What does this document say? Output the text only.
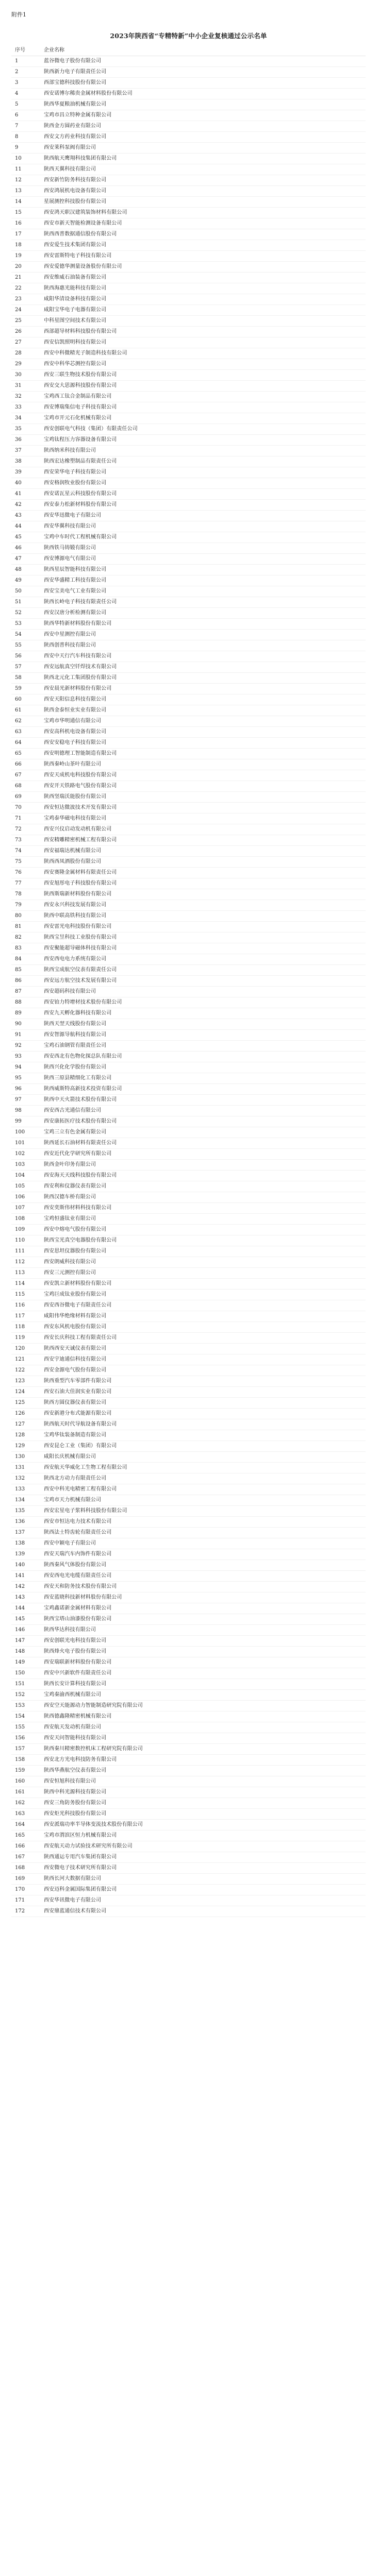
附件1

2023年陕西省“专精特新”中小企业复核通过公示名单
序号	企业名称
1	蓝谷微电子股份有限公司
2	陕西新力电子有限责任公司
3	西部宝德科技股份有限公司
4	西安诺博尔稀贵金属材料股份有限公司
5	陕西华夏粮油机械有限公司
6	宝鸡市昌立特种金属有限公司
7	陕西金方圆药业有限公司
8	西安文方药业科技有限公司
9	西安莱科泵阀有限公司
10	陕西航天鹰翔科技集团有限公司
11	陕西天翼科技有限公司
12	西安新竹防务科技有限公司
13	西安鸿展机电设备有限公司
14	星展测控科技股份有限公司
15	西安鸿天职汉建筑装饰材料有限公司
16	西安市新天智能检测设备有限公司
17	陕西西普数据通信股份有限公司
18	西安爱生技术集团有限公司
19	西安雷斯特电子科技有限公司
20	西安爱德华测量设备股份有限公司
21	西安维威石油装备有限公司
22	陕西海惠光能科技有限公司
23	咸阳华清设备科技有限公司
24	咸阳宝华电子电器有限公司
25	中科星图空间技术有限公司
26	西部超导材料科技股份有限公司
27	西安信凯照明科技有限公司
28	西安中科微精光子制造科技有限公司
29	西安中科华芯测控有限公司
30	西安三联生物技术股份有限公司
31	西安交大思源科技股份有限公司
32	宝鸡西工钛合金制品有限公司
33	西安博瑞集信电子科技有限公司
34	宝鸡市开元石化机械有限公司
35	西安创联电气科技（集团）有限责任公司
36	宝鸡钛程压力容器设备有限公司
37	陕西纳米科技有限公司
38	陕西宏达橡塑制品有限责任公司
39	西安荣华电子科技有限公司
40	西安格润牧业股份有限公司
41	西安诺瓦星云科技股份有限公司
42	西安泰力松新材料股份有限公司
43	西安华迅微电子有限公司
44	西安华翼科技有限公司
45	宝鸡中车时代工程机械有限公司
46	陕西铁马铸锻有限公司
47	西安博源电气有限公司
48	陕西星辰智能科技有限公司
49	西安华盛精工科技有限公司
50	西安宝美电气工业有限公司
51	陕西长岭电子科技有限责任公司
52	西安汉唐分析检测有限公司
53	陕西华特新材料股份有限公司
54	西安中星测控有限公司
55	陕西创普科技有限公司
56	西安中天行汽车科技有限公司
57	西安远航真空钎焊技术有限公司
58	陕西北元化工集团股份有限公司
59	西安晨光新材料股份有限公司
60	西安天阳信息科技有限公司
61	陕西金泰恒业实业有限公司
62	宝鸡市华明通信有限公司
63	西安高科机电设备有限公司
64	西安安稳电子科技有限公司
65	西安明德理工智能制造有限公司
66	陕西秦岭山茶叶有限公司
67	西安天成机电科技股份有限公司
68	西安开天铁路电气股份有限公司
69	陕西坚瑞沃能股份有限公司
70	西安恒达微波技术开发有限公司
71	宝鸡泰华磁电科技有限公司
72	西安兴仪启动发动机有限公司
73	西安精雕精密机械工程有限公司
74	西安福瑞达机械有限公司
75	陕西西凤酒股份有限公司
76	西安赛隆金属材料有限责任公司
77	西安旭彤电子科技股份有限公司
78	陕西斯瑞新材料股份有限公司
79	西安永兴科技发展有限公司
80	陕西中联高铁科技有限公司
81	西安雷光电科技股份有限公司
82	陕西宝昱科技工业股份有限公司
83	西安聚能超导磁体科技有限公司
84	西安西电电力系统有限公司
85	陕西宝成航空仪表有限责任公司
86	西安远方航空技术发展有限公司
87	西安超码科技有限公司
88	西安铂力特增材技术股份有限公司
89	西安九天孵化器科技有限公司
90	陕西天翌天线股份有限公司
91	西安智源导航科技有限公司
92	宝鸡石油钢管有限责任公司
93	西安西北有色物化探总队有限公司
94	陕西兴化化学股份有限公司
95	陕西三原县精细化工有限公司
96	陕西威斯特高新技术投资有限公司
97	陕西中天火箭技术股份有限公司
98	西安西古光通信有限公司
99	西安康拓医疗技术股份有限公司
100	宝鸡三立有色金属有限公司
101	陕西延长石油材料有限责任公司
102	西安近代化学研究所有限公司
103	陕西金叶印务有限公司
104	西安海天天线科技股份有限公司
105	西安利和仪器仪表有限公司
106	陕西汉德车桥有限公司
107	西安奕斯伟材料科技有限公司
108	宝鸡恒盛钛业有限公司
109	西安中熔电气股份有限公司
110	陕西宝光真空电器股份有限公司
111	西安思坦仪器股份有限公司
112	西安朗威科技有限公司
113	西安三元测控有限公司
114	西安凯立新材料股份有限公司
115	宝鸡巨成钛业股份有限公司
116	西安西谷微电子有限责任公司
117	咸阳伟华绝缘材料有限公司
118	西安东风机电股份有限公司
119	西安长庆科技工程有限责任公司
120	陕西西安天诚仪表有限公司
121	西安宇迪通信科技有限公司
122	西安金源电气股份有限公司
123	陕西重型汽车零部件有限公司
124	西安石油大佳润实业有限公司
125	陕西方圆仪器仪表有限公司
126	西安新港分布式能源有限公司
127	陕西航天时代导航设备有限公司
128	宝鸡华钛装备制造有限公司
129	西安昆仑工业（集团）有限公司
130	咸阳长庆机械有限公司
131	西安航天华威化工生物工程有限公司
132	陕西北方动力有限责任公司
133	西安中科光电精密工程有限公司
134	宝鸡市天力机械有限公司
135	西安宏星电子浆料科技股份有限公司
136	西安市恒达电力技术有限公司
137	陕西法士特齿轮有限责任公司
138	西安中颖电子有限公司
139	西安天瑞汽车内饰件有限公司
140	陕西秦风气体股份有限公司
141	西安西电光电缆有限责任公司
142	西安天和防务技术股份有限公司
143	西安蓝晓科技新材料股份有限公司
144	宝鸡鑫诺新金属材料有限公司
145	陕西宝塔山油漆股份有限公司
146	陕西华达科技有限公司
147	西安创联光电科技有限公司
148	陕西烽火电子股份有限公司
149	西安瑞联新材料股份有限公司
150	西安中兴新软件有限责任公司
151	陕西长安计算科技有限公司
152	宝鸡秦渝西机械有限公司
153	西安空天能源动力智能制造研究院有限公司
154	陕西德鑫隆精密机械有限公司
155	西安航天发动机有限公司
156	西安天问智能科技有限公司
157	陕西秦川精密数控机床工程研究院有限公司
158	西安北方光电科技防务有限公司
159	陕西华燕航空仪表有限公司
160	西安恒旭科技有限公司
161	陕西中科光源科技有限公司
162	西安三角防务股份有限公司
163	西安炬光科技股份有限公司
164	西安派瑞功率半导体变流技术股份有限公司
165	宝鸡市渭滨区恒力机械有限公司
166	西安航天动力试验技术研究所有限公司
167	陕西通运专用汽车集团有限公司
168	西安微电子技术研究所有限公司
169	陕西长河大数据有限公司
170	西安迈科金属国际集团有限公司
171	西安华讯微电子有限公司
172	西安鼎蓝通信技术有限公司
